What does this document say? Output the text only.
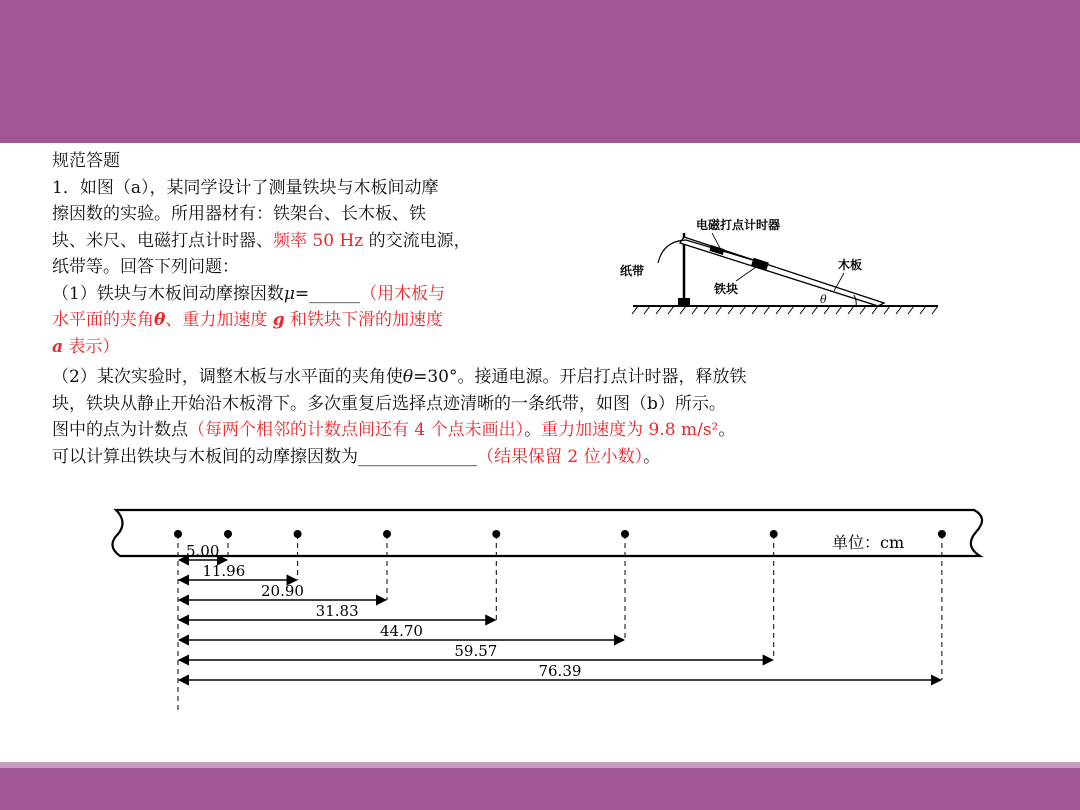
规范答题
1．如图（a），某同学设计了测量铁块与木板间动摩
擦因数的实验。所用器材有：铁架台、长木板、铁
块、米尺、电磁打点计时器、频率 50 Hz 的交流电源，
纸带等。回答下列问题：
（1）铁块与木板间动摩擦因数μ=______（用木板与
水平面的夹角θ、重力加速度 g 和铁块下滑的加速度
a 表示）
（2）某次实验时，调整木板与水平面的夹角使θ=30°。接通电源。开启打点计时器，释放铁
块，铁块从静止开始沿木板滑下。多次重复后选择点迹清晰的一条纸带，如图（b）所示。
图中的点为计数点（每两个相邻的计数点间还有 4 个点未画出）。重力加速度为 9.8 m/s²。
可以计算出铁块与木板间的动摩擦因数为______________（结果保留 2 位小数）。
电磁打点计时器
纸带	木板
铁块
θ
5.00
11.96
20.90
31.83
44.70
59.57
76.39
单位：cm
